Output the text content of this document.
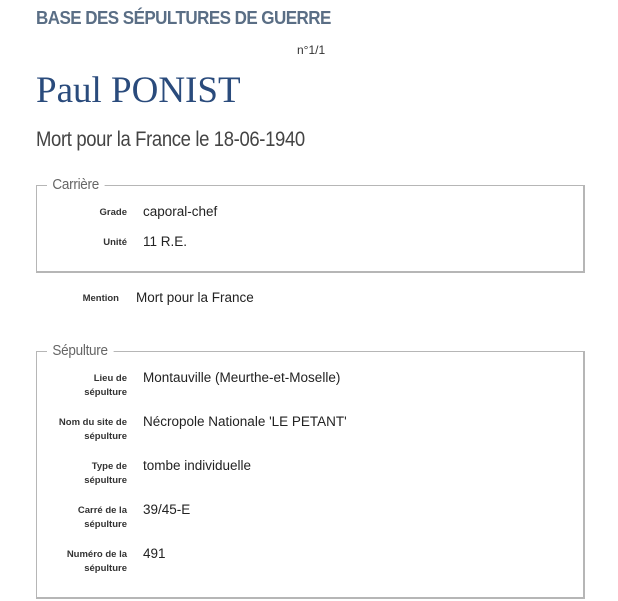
BASE DES SÉPULTURES DE GUERRE
n°1/1
Paul PONIST
Mort pour la France le 18-06-1940
Carrière
Grade caporal-chef
Unité 11 R.E.
Mention Mort pour la France
Sépulture
Lieu de
sépulture
Montauville (Meurthe-et-Moselle)
Nom du site de
sépulture
Nécropole Nationale 'LE PETANT'
Type de
sépulture
tombe individuelle
Carré de la
sépulture
39/45-E
Numéro de la
sépulture
491
